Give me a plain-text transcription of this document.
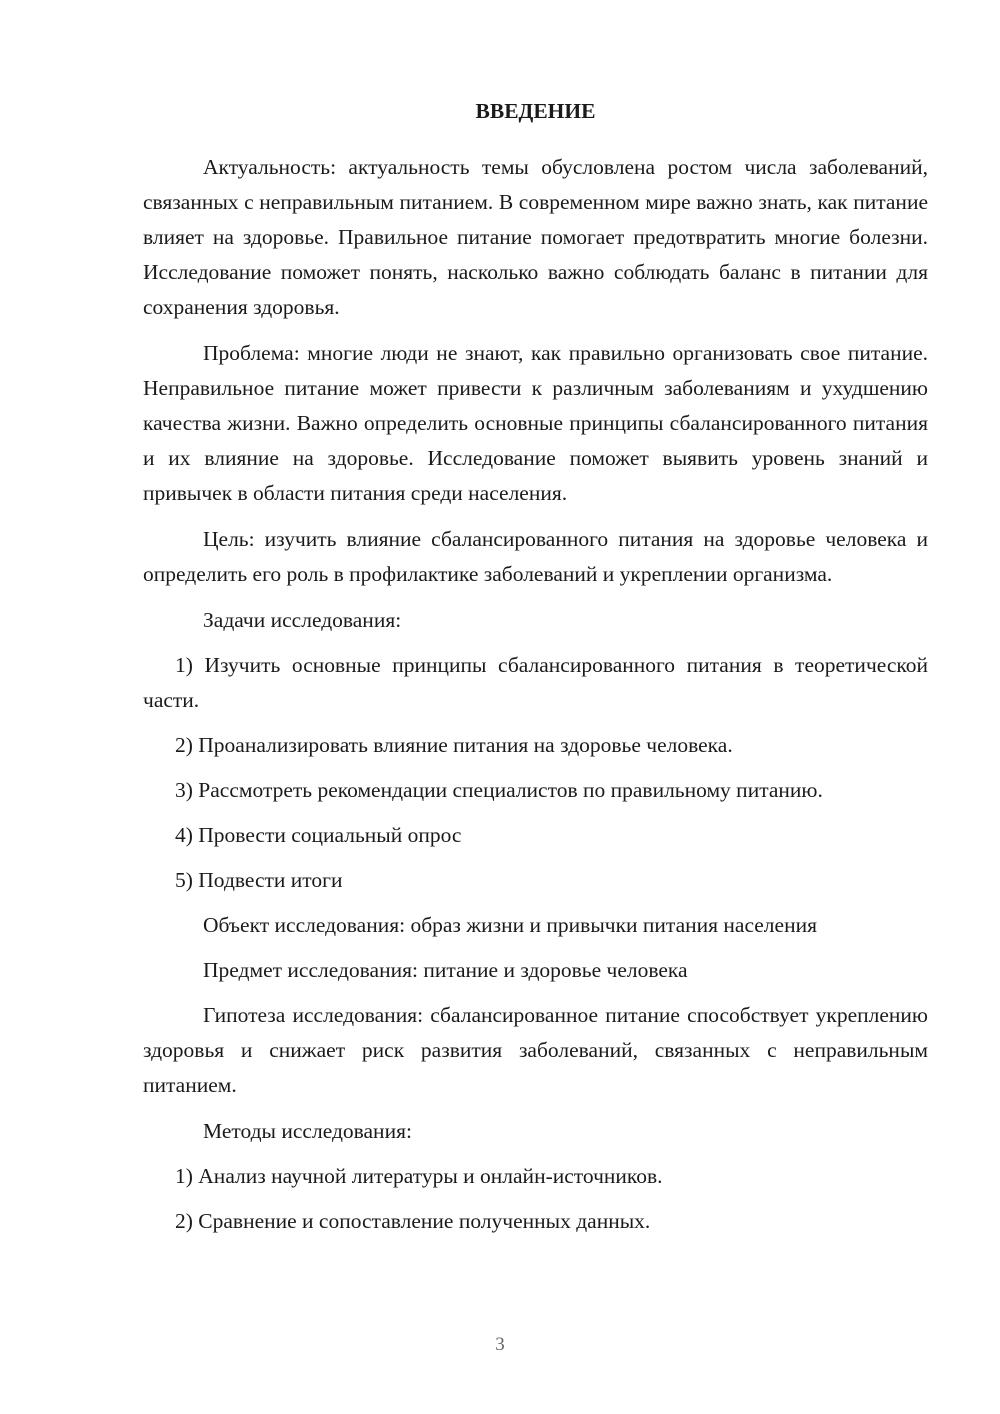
ВВЕДЕНИЕ

Актуальность: актуальность темы обусловлена ростом числа заболеваний, связанных с неправильным питанием. В современном мире важно знать, как питание влияет на здоровье. Правильное питание помогает предотвратить многие болезни. Исследование поможет понять, насколько важно соблюдать баланс в питании для сохранения здоровья.

Проблема: многие люди не знают, как правильно организовать свое питание. Неправильное питание может привести к различным заболеваниям и ухудшению качества жизни. Важно определить основные принципы сбалансированного питания и их влияние на здоровье. Исследование поможет выявить уровень знаний и привычек в области питания среди населения.

Цель: изучить влияние сбалансированного питания на здоровье человека и определить его роль в профилактике заболеваний и укреплении организма.

Задачи исследования:

1) Изучить основные принципы сбалансированного питания в теоретической части.

2) Проанализировать влияние питания на здоровье человека.

3) Рассмотреть рекомендации специалистов по правильному питанию.

4) Провести социальный опрос

5) Подвести итоги

Объект исследования: образ жизни и привычки питания населения

Предмет исследования: питание и здоровье человека

Гипотеза исследования: сбалансированное питание способствует укреплению здоровья и снижает риск развития заболеваний, связанных с неправильным питанием.

Методы исследования:

1) Анализ научной литературы и онлайн-источников.

2) Сравнение и сопоставление полученных данных.

3
